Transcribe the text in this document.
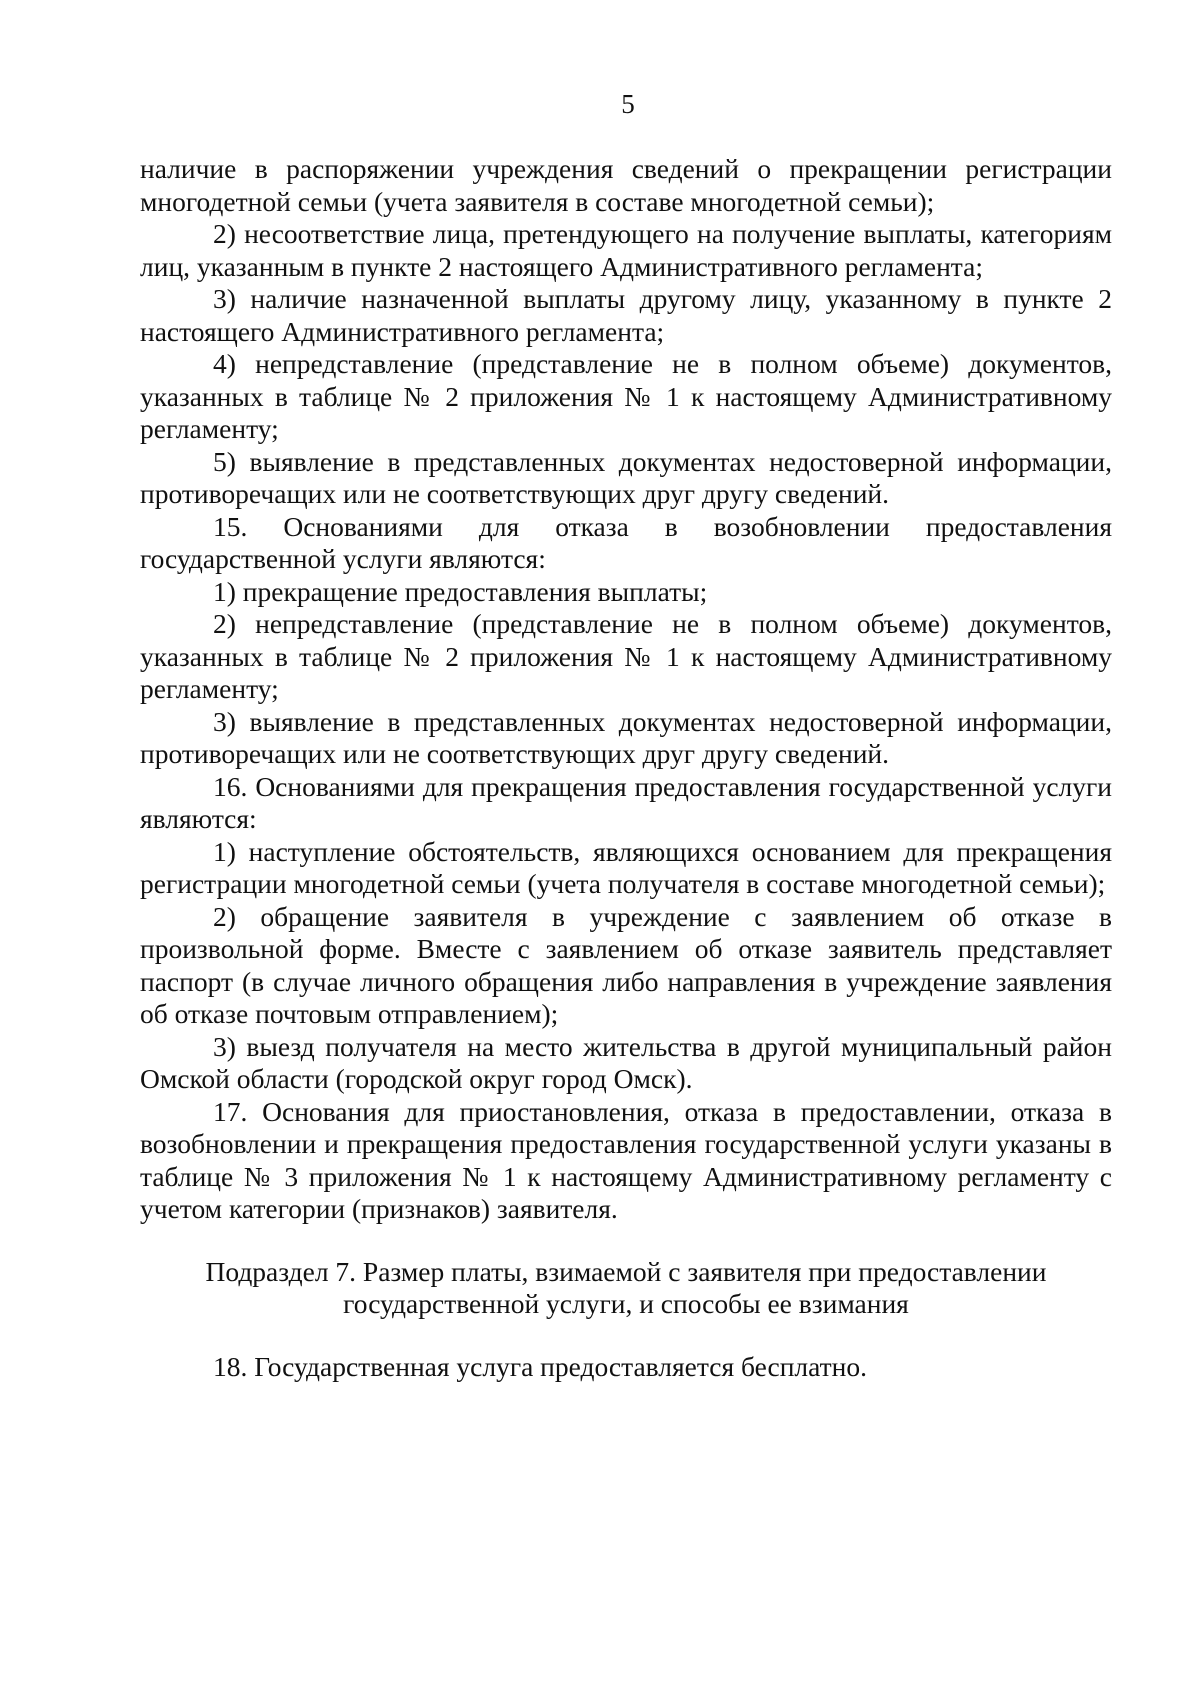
5

наличие в распоряжении учреждения сведений о прекращении регистрации многодетной семьи (учета заявителя в составе многодетной семьи);

2) несоответствие лица, претендующего на получение выплаты, категориям лиц, указанным в пункте 2 настоящего Административного регламента;

3) наличие назначенной выплаты другому лицу, указанному в пункте 2 настоящего Административного регламента;

4) непредставление (представление не в полном объеме) документов, указанных в таблице № 2 приложения № 1 к настоящему Административному регламенту;

5) выявление в представленных документах недостоверной информации, противоречащих или не соответствующих друг другу сведений.

15. Основаниями для отказа в возобновлении предоставления государственной услуги являются:

1) прекращение предоставления выплаты;

2) непредставление (представление не в полном объеме) документов, указанных в таблице № 2 приложения № 1 к настоящему Административному регламенту;

3) выявление в представленных документах недостоверной информации, противоречащих или не соответствующих друг другу сведений.

16. Основаниями для прекращения предоставления государственной услуги являются:

1) наступление обстоятельств, являющихся основанием для прекращения регистрации многодетной семьи (учета получателя в составе многодетной семьи);

2) обращение заявителя в учреждение с заявлением об отказе в произвольной форме. Вместе с заявлением об отказе заявитель представляет паспорт (в случае личного обращения либо направления в учреждение заявления об отказе почтовым отправлением);

3) выезд получателя на место жительства в другой муниципальный район Омской области (городской округ город Омск).

17. Основания для приостановления, отказа в предоставлении, отказа в возобновлении и прекращения предоставления государственной услуги указаны в таблице № 3 приложения № 1 к настоящему Административному регламенту с учетом категории (признаков) заявителя.

Подраздел 7. Размер платы, взимаемой с заявителя при предоставлении
государственной услуги, и способы ее взимания

18. Государственная услуга предоставляется бесплатно.
